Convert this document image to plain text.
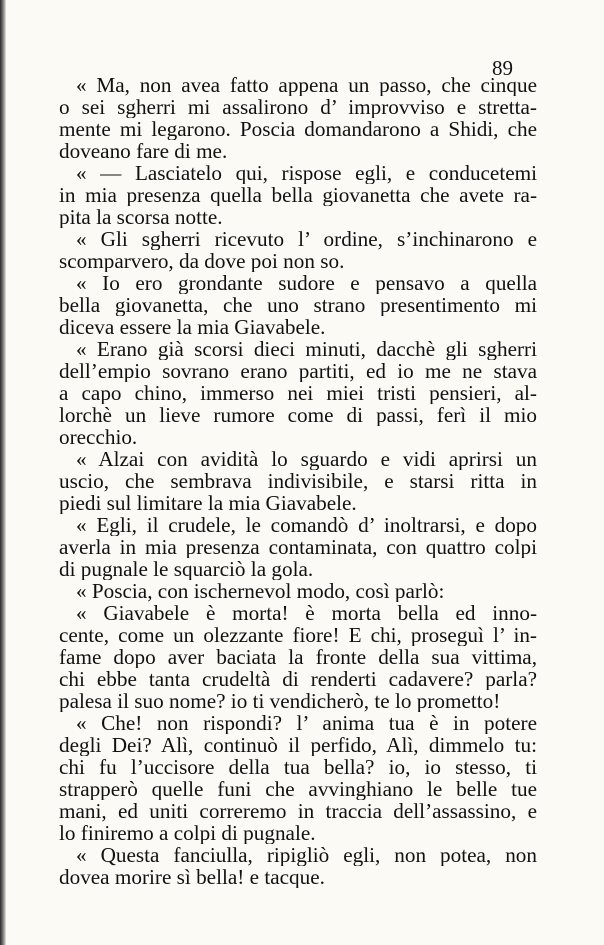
89
« Ma, non avea fatto appena un passo, che cinque
o sei sgherri mi assalirono d’ improvviso e stretta-
mente mi legarono. Poscia domandarono a Shidi, che
doveano fare di me.
« — Lasciatelo qui, rispose egli, e conducetemi
in mia presenza quella bella giovanetta che avete ra-
pita la scorsa notte.
« Gli sgherri ricevuto l’ ordine, s’inchinarono e
scomparvero, da dove poi non so.
« Io ero grondante sudore e pensavo a quella
bella giovanetta, che uno strano presentimento mi
diceva essere la mia Giavabele.
« Erano già scorsi dieci minuti, dacchè gli sgherri
dell’empio sovrano erano partiti, ed io me ne stava
a capo chino, immerso nei miei tristi pensieri, al-
lorchè un lieve rumore come di passi, ferì il mio
orecchio.
« Alzai con avidità lo sguardo e vidi aprirsi un
uscio, che sembrava indivisibile, e starsi ritta in
piedi sul limitare la mia Giavabele.
« Egli, il crudele, le comandò d’ inoltrarsi, e dopo
averla in mia presenza contaminata, con quattro colpi
di pugnale le squarciò la gola.
« Poscia, con ischernevol modo, così parlò:
« Giavabele è morta! è morta bella ed inno-
cente, come un olezzante fiore! E chi, proseguì l’ in-
fame dopo aver baciata la fronte della sua vittima,
chi ebbe tanta crudeltà di renderti cadavere? parla?
palesa il suo nome? io ti vendicherò, te lo prometto!
« Che! non rispondi? l’ anima tua è in potere
degli Dei? Alì, continuò il perfido, Alì, dimmelo tu:
chi fu l’uccisore della tua bella? io, io stesso, ti
strapperò quelle funi che avvinghiano le belle tue
mani, ed uniti correremo in traccia dell’assassino, e
lo finiremo a colpi di pugnale.
« Questa fanciulla, ripigliò egli, non potea, non
dovea morire sì bella! e tacque.
